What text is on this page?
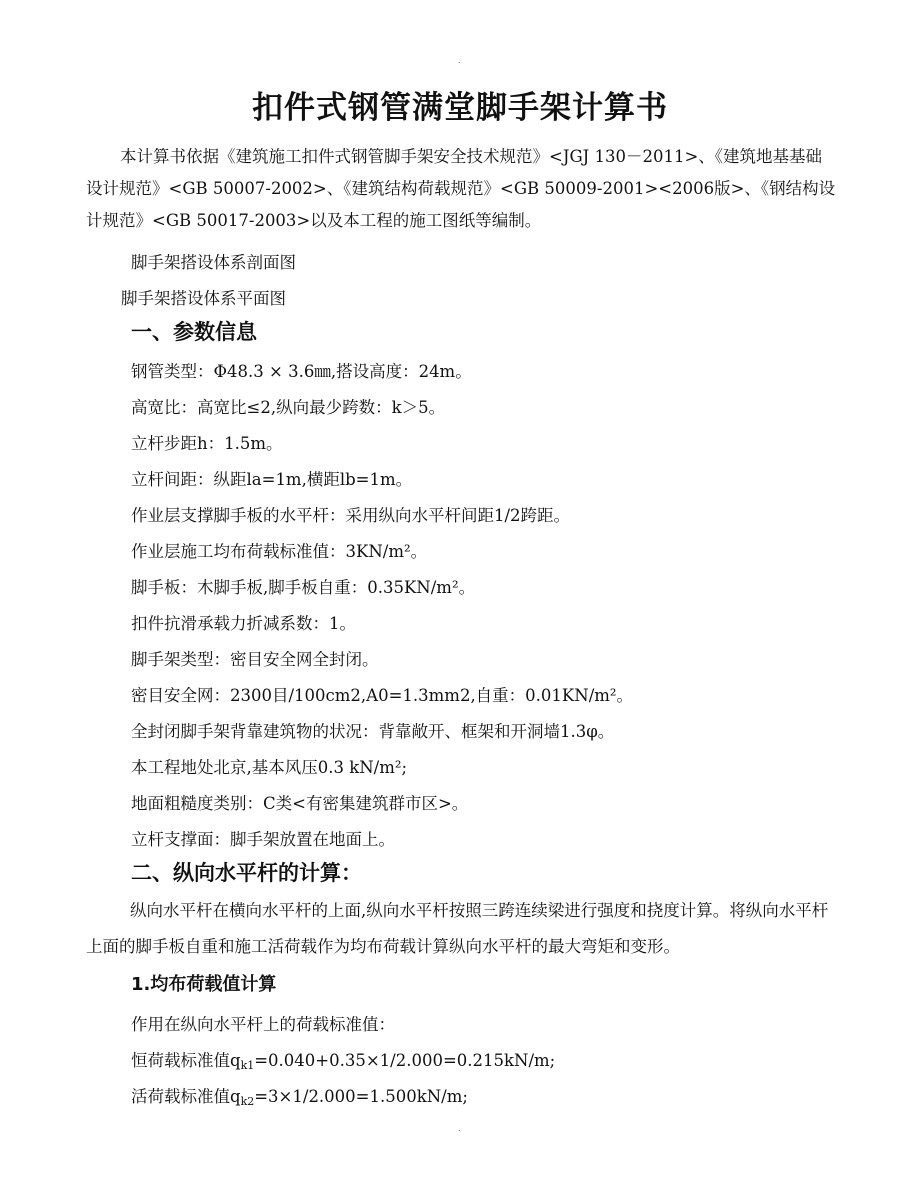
.
扣件式钢管满堂脚手架计算书

本计算书依据《建筑施工扣件式钢管脚手架安全技术规范》<JGJ 130－2011>、《建筑地基基础设计规范》<GB 50007-2002>、《建筑结构荷载规范》<GB 50009-2001><2006版>、《钢结构设计规范》<GB 50017-2003>以及本工程的施工图纸等编制。

脚手架搭设体系剖面图

脚手架搭设体系平面图

一、参数信息

钢管类型：Φ48.3 × 3.6㎜,搭设高度：24m。

高宽比：高宽比≤2,纵向最少跨数：k＞5。

立杆步距h：1.5m。

立杆间距：纵距la=1m,横距lb=1m。

作业层支撑脚手板的水平杆：采用纵向水平杆间距1/2跨距。

作业层施工均布荷载标准值：3KN/m²。

脚手板：木脚手板,脚手板自重：0.35KN/m²。

扣件抗滑承载力折减系数：1。

脚手架类型：密目安全网全封闭。

密目安全网：2300目/100cm2,A0=1.3mm2,自重：0.01KN/m²。

全封闭脚手架背靠建筑物的状况：背靠敞开、框架和开洞墙1.3φ。

本工程地处北京,基本风压0.3 kN/m²;

地面粗糙度类别：C类<有密集建筑群市区>。

立杆支撑面：脚手架放置在地面上。

二、纵向水平杆的计算：

纵向水平杆在横向水平杆的上面,纵向水平杆按照三跨连续梁进行强度和挠度计算。将纵向水平杆上面的脚手板自重和施工活荷载作为均布荷载计算纵向水平杆的最大弯矩和变形。

1.均布荷载值计算

作用在纵向水平杆上的荷载标准值：

恒荷载标准值$q_{k1}=0.040+0.35\times 1/2.000=0.215kN/m$;

活荷载标准值$q_{k2}=3\times 1/2.000=1.500kN/m$;

.
